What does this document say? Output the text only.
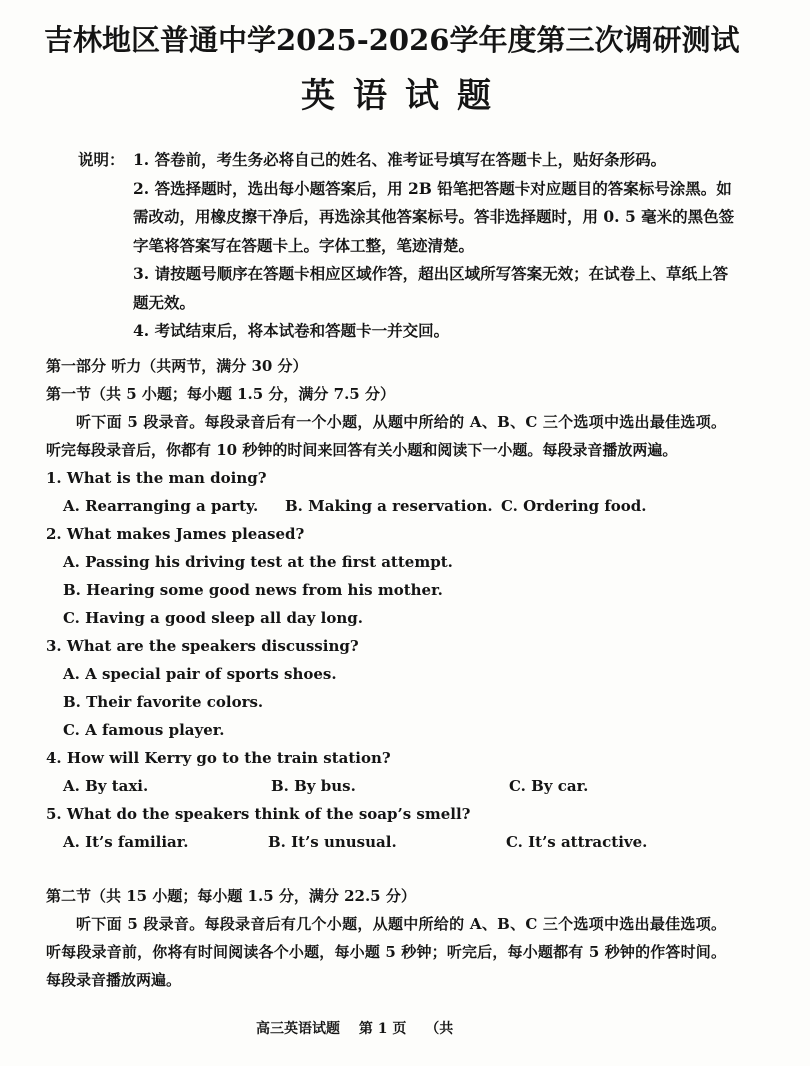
吉林地区普通中学2025-2026学年度第三次调研测试
英语试题
说明： 1. 答卷前，考生务必将自己的姓名、准考证号填写在答题卡上，贴好条形码。
2. 答选择题时，选出每小题答案后，用 2B 铅笔把答题卡对应题目的答案标号涂黑。如需改动，用橡皮擦干净后，再选涂其他答案标号。答非选择题时，用 0. 5 毫米的黑色签字笔将答案写在答题卡上。字体工整，笔迹清楚。
3. 请按题号顺序在答题卡相应区域作答，超出区域所写答案无效；在试卷上、草纸上答题无效。
4. 考试结束后，将本试卷和答题卡一并交回。
第一部分 听力（共两节，满分 30 分）
第一节（共 5 小题；每小题 1.5 分，满分 7.5 分）
听下面 5 段录音。每段录音后有一个小题，从题中所给的 A、B、C 三个选项中选出最佳选项。听完每段录音后，你都有 10 秒钟的时间来回答有关小题和阅读下一小题。每段录音播放两遍。
1. What is the man doing?
A. Rearranging a party.	B. Making a reservation. C. Ordering food.
2. What makes James pleased?
A. Passing his driving test at the first attempt.
B. Hearing some good news from his mother.
C. Having a good sleep all day long.
3. What are the speakers discussing?
A. A special pair of sports shoes.
B. Their favorite colors.
C. A famous player.
4. How will Kerry go to the train station?
A. By taxi.	B. By bus.	C. By car.
5. What do the speakers think of the soap’s smell?
A. It’s familiar.	B. It’s unusual.	C. It’s attractive.
第二节（共 15 小题；每小题 1.5 分，满分 22.5 分）
听下面 5 段录音。每段录音后有几个小题，从题中所给的 A、B、C 三个选项中选出最佳选项。听每段录音前，你将有时间阅读各个小题，每小题 5 秒钟；听完后，每小题都有 5 秒钟的作答时间。每段录音播放两遍。
高三英语试题 第 1 页 （共
